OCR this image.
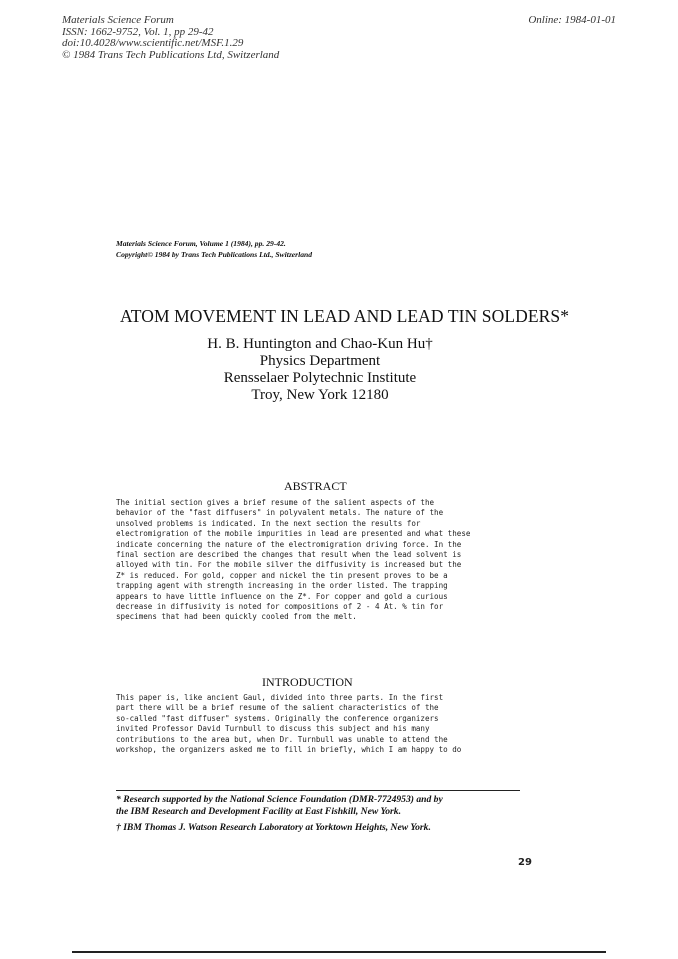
Materials Science Forum
ISSN: 1662-9752, Vol. 1, pp 29-42
doi:10.4028/www.scientific.net/MSF.1.29
© 1984 Trans Tech Publications Ltd, Switzerland
Online: 1984-01-01
Materials Science Forum, Volume 1 (1984), pp. 29-42.
Copyright© 1984 by Trans Tech Publications Ltd., Switzerland
ATOM MOVEMENT IN LEAD AND LEAD TIN SOLDERS*
H. B. Huntington and Chao-Kun Hu†
Physics Department
Rensselaer Polytechnic Institute
Troy, New York 12180
ABSTRACT
The initial section gives a brief resume of the salient aspects of the
behavior of the "fast diffusers" in polyvalent metals. The nature of the
unsolved problems is indicated. In the next section the results for
electromigration of the mobile impurities in lead are presented and what these
indicate concerning the nature of the electromigration driving force. In the
final section are described the changes that result when the lead solvent is
alloyed with tin. For the mobile silver the diffusivity is increased but the
Z* is reduced. For gold, copper and nickel the tin present proves to be a
trapping agent with strength increasing in the order listed. The trapping
appears to have little influence on the Z*. For copper and gold a curious
decrease in diffusivity is noted for compositions of 2 - 4 At. % tin for
specimens that had been quickly cooled from the melt.
INTRODUCTION
This paper is, like ancient Gaul, divided into three parts. In the first
part there will be a brief resume of the salient characteristics of the
so-called "fast diffuser" systems. Originally the conference organizers
invited Professor David Turnbull to discuss this subject and his many
contributions to the area but, when Dr. Turnbull was unable to attend the
workshop, the organizers asked me to fill in briefly, which I am happy to do
* Research supported by the National Science Foundation (DMR-7724953) and by
the IBM Research and Development Facility at East Fishkill, New York.
† IBM Thomas J. Watson Research Laboratory at Yorktown Heights, New York.
29
